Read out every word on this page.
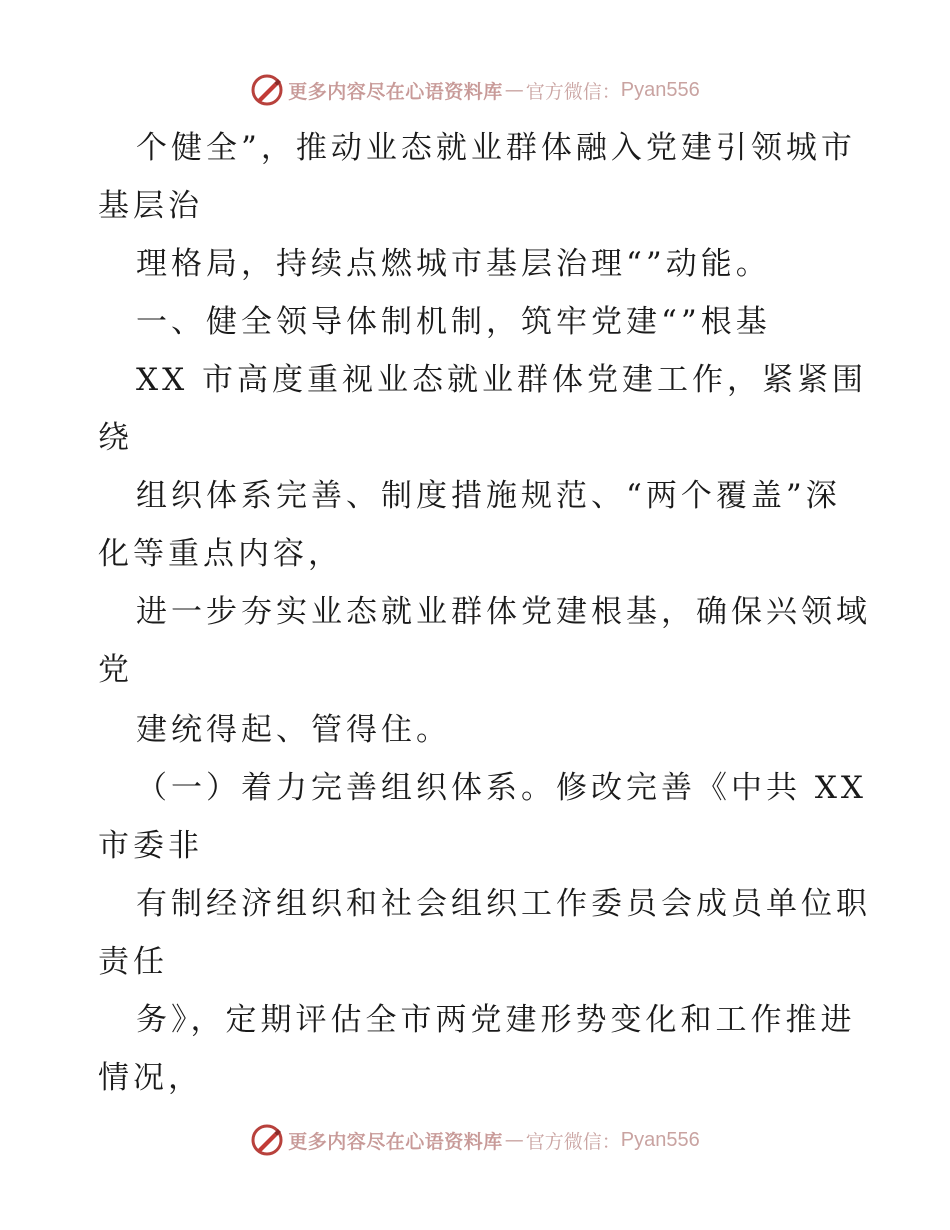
更多内容尽在心语资料库 — 官方微信： Pyan556
个健全”，推动业态就业群体融入党建引领城市
基层治
理格局，持续点燃城市基层治理“”动能。
一、健全领导体制机制，筑牢党建“”根基
XX 市高度重视业态就业群体党建工作，紧紧围
绕
组织体系完善、制度措施规范、“两个覆盖”深
化等重点内容，
进一步夯实业态就业群体党建根基，确保兴领域
党
建统得起、管得住。
（一）着力完善组织体系。修改完善《中共 XX
市委非
有制经济组织和社会组织工作委员会成员单位职
责任
务》，定期评估全市两党建形势变化和工作推进
情况，
更多内容尽在心语资料库 — 官方微信： Pyan556
